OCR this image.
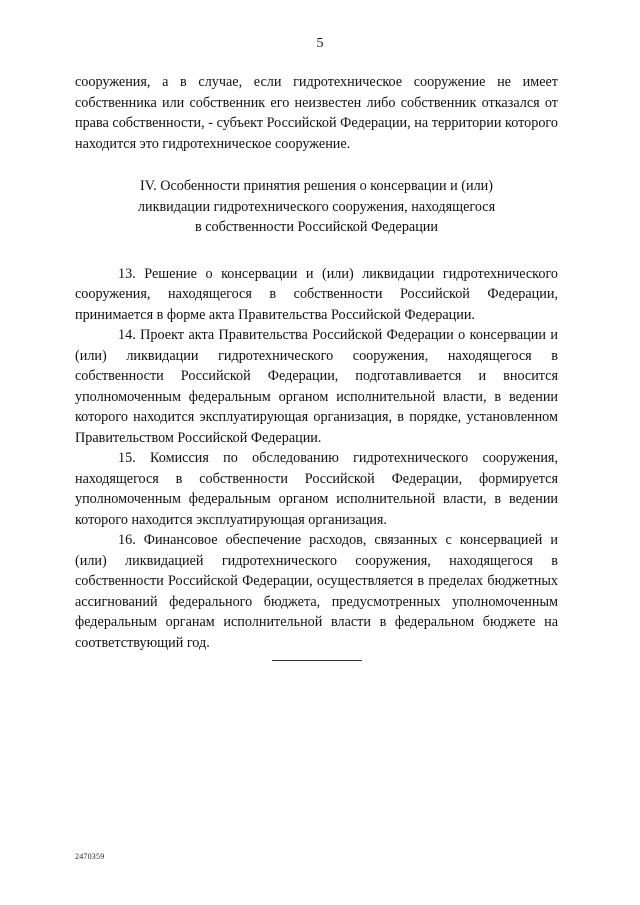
5

сооружения, а в случае, если гидротехническое сооружение не имеет собственника или собственник его неизвестен либо собственник отказался от права собственности, - субъект Российской Федерации, на территории которого находится это гидротехническое сооружение.

IV. Особенности принятия решения о консервации и (или)
ликвидации гидротехнического сооружения, находящегося
в собственности Российской Федерации

13. Решение о консервации и (или) ликвидации гидротехнического сооружения, находящегося в собственности Российской Федерации, принимается в форме акта Правительства Российской Федерации.

14. Проект акта Правительства Российской Федерации о консервации и (или) ликвидации гидротехнического сооружения, находящегося в собственности Российской Федерации, подготавливается и вносится уполномоченным федеральным органом исполнительной власти, в ведении которого находится эксплуатирующая организация, в порядке, установленном Правительством Российской Федерации.

15. Комиссия по обследованию гидротехнического сооружения, находящегося в собственности Российской Федерации, формируется уполномоченным федеральным органом исполнительной власти, в ведении которого находится эксплуатирующая организация.

16. Финансовое обеспечение расходов, связанных с консервацией и (или) ликвидацией гидротехнического сооружения, находящегося в собственности Российской Федерации, осуществляется в пределах бюджетных ассигнований федерального бюджета, предусмотренных уполномоченным федеральным органам исполнительной власти в федеральном бюджете на соответствующий год.

2470359
